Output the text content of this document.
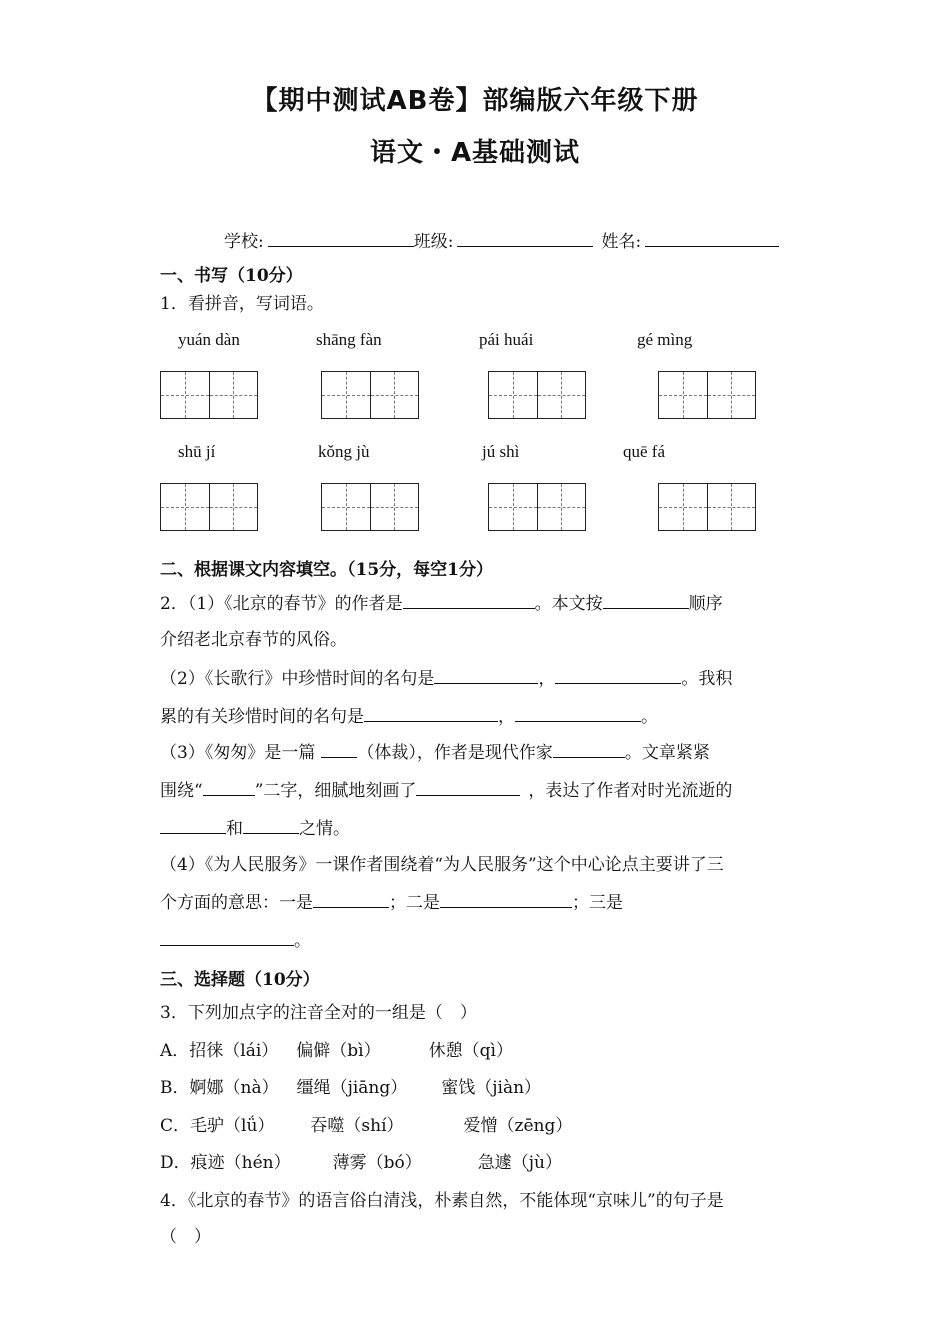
【期中测试AB卷】部编版六年级下册
语文・A基础测试
学校:	班级:	姓名:
一、书写（10分）
1．看拼音，写词语。
yuán dàn	shāng fàn	pái huái	gé mìng
shū jí	kǒng jù	jú shì	quē fá
二、根据课文内容填空。（15分，每空1分）
2．（1）《北京的春节》的作者是	。本文按	顺序
介绍老北京春节的风俗。
（2）《长歌行》中珍惜时间的名句是	，	。我积
累的有关珍惜时间的名句是	，	。
（3）《匆匆》是一篇 （体裁），作者是现代作家	。文章紧紧
围绕“	”二字，细腻地刻画了	，表达了作者对时光流逝的
和	之情。
（4）《为人民服务》一课作者围绕着“为人民服务”这个中心论点主要讲了三
个方面的意思：一是	；二是	；三是
。
三、选择题（10分）
3．下列加点字的注音全对的一组是（　）
A．招徕（lái） 偏僻（bì）	休憩（qì）
B．婀娜（nà） 缰绳（jiāng） 蜜饯（jiàn）
C．毛驴（lǘ） 吞噬（shí）	爱憎（zēng）
D．痕迹（hén） 薄雾（bó）	急遽（jù）
4．《北京的春节》的语言俗白清浅，朴素自然，不能体现“京味儿”的句子是
（　）
